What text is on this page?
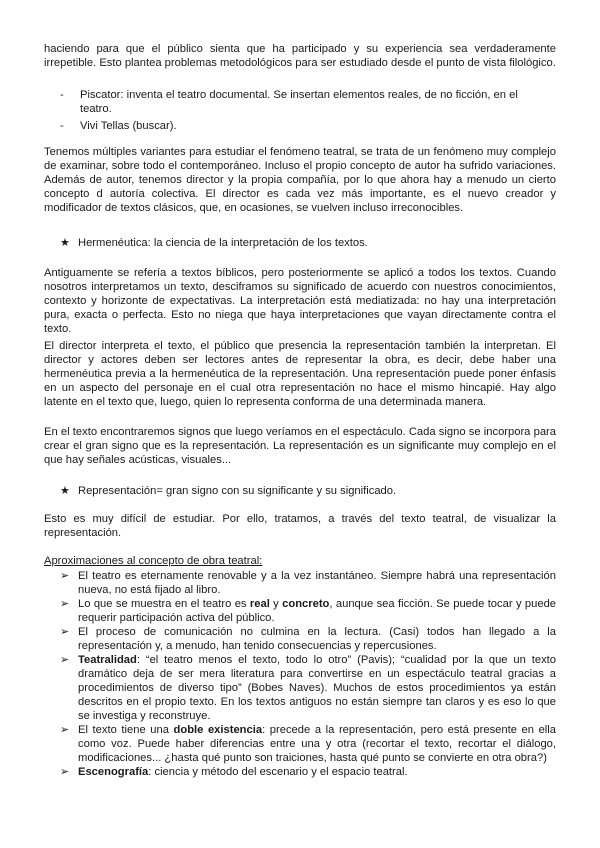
haciendo para que el público sienta que ha participado y su experiencia sea verdaderamente irrepetible. Esto plantea problemas metodológicos para ser estudiado desde el punto de vista filológico.

-	Piscator: inventa el teatro documental. Se insertan elementos reales, de no ficción, en el teatro.
-	Vivi Tellas (buscar).

Tenemos múltiples variantes para estudiar el fenómeno teatral, se trata de un fenómeno muy complejo de examinar, sobre todo el contemporáneo. Incluso el propio concepto de autor ha sufrido variaciones. Además de autor, tenemos director y la propia compañía, por lo que ahora hay a menudo un cierto concepto d autoría colectiva. El director es cada vez más importante, es el nuevo creador y modificador de textos clásicos, que, en ocasiones, se vuelven incluso irreconocibles.

★ Hermenéutica: la ciencia de la interpretación de los textos.

Antiguamente se refería a textos bíblicos, pero posteriormente se aplicó a todos los textos. Cuando nosotros interpretamos un texto, desciframos su significado de acuerdo con nuestros conocimientos, contexto y horizonte de expectativas. La interpretación está mediatizada: no hay una interpretación pura, exacta o perfecta. Esto no niega que haya interpretaciones que vayan directamente contra el texto.

El director interpreta el texto, el público que presencia la representación también la interpretan. El director y actores deben ser lectores antes de representar la obra, es decir, debe haber una hermenéutica previa a la hermenéutica de la representación. Una representación puede poner énfasis en un aspecto del personaje en el cual otra representación no hace el mismo hincapié. Hay algo latente en el texto que, luego, quien lo representa conforma de una determinada manera.

En el texto encontraremos signos que luego veríamos en el espectáculo. Cada signo se incorpora para crear el gran signo que es la representación. La representación es un significante muy complejo en el que hay señales acústicas, visuales...

★ Representación= gran signo con su significante y su significado.

Esto es muy difícil de estudiar. Por ello, tratamos, a través del texto teatral, de visualizar la representación.

Aproximaciones al concepto de obra teatral:

➢ El teatro es eternamente renovable y a la vez instantáneo. Siempre habrá una representación nueva, no está fijado al libro.
➢ Lo que se muestra en el teatro es real y concreto, aunque sea ficción. Se puede tocar y puede requerir participación activa del público.
➢ El proceso de comunicación no culmina en la lectura. (Casi) todos han llegado a la representación y, a menudo, han tenido consecuencias y repercusiones.
➢ Teatralidad: “el teatro menos el texto, todo lo otro” (Pavis); “cualidad por la que un texto dramático deja de ser mera literatura para convertirse en un espectáculo teatral gracias a procedimientos de diverso tipo” (Bobes Naves). Muchos de estos procedimientos ya están descritos en el propio texto. En los textos antiguos no están siempre tan claros y es eso lo que se investiga y reconstruye.
➢ El texto tiene una doble existencia: precede a la representación, pero está presente en ella como voz. Puede haber diferencias entre una y otra (recortar el texto, recortar el diálogo, modificaciones... ¿hasta qué punto son traiciones, hasta qué punto se convierte en otra obra?)
➢ Escenografía: ciencia y método del escenario y el espacio teatral.
